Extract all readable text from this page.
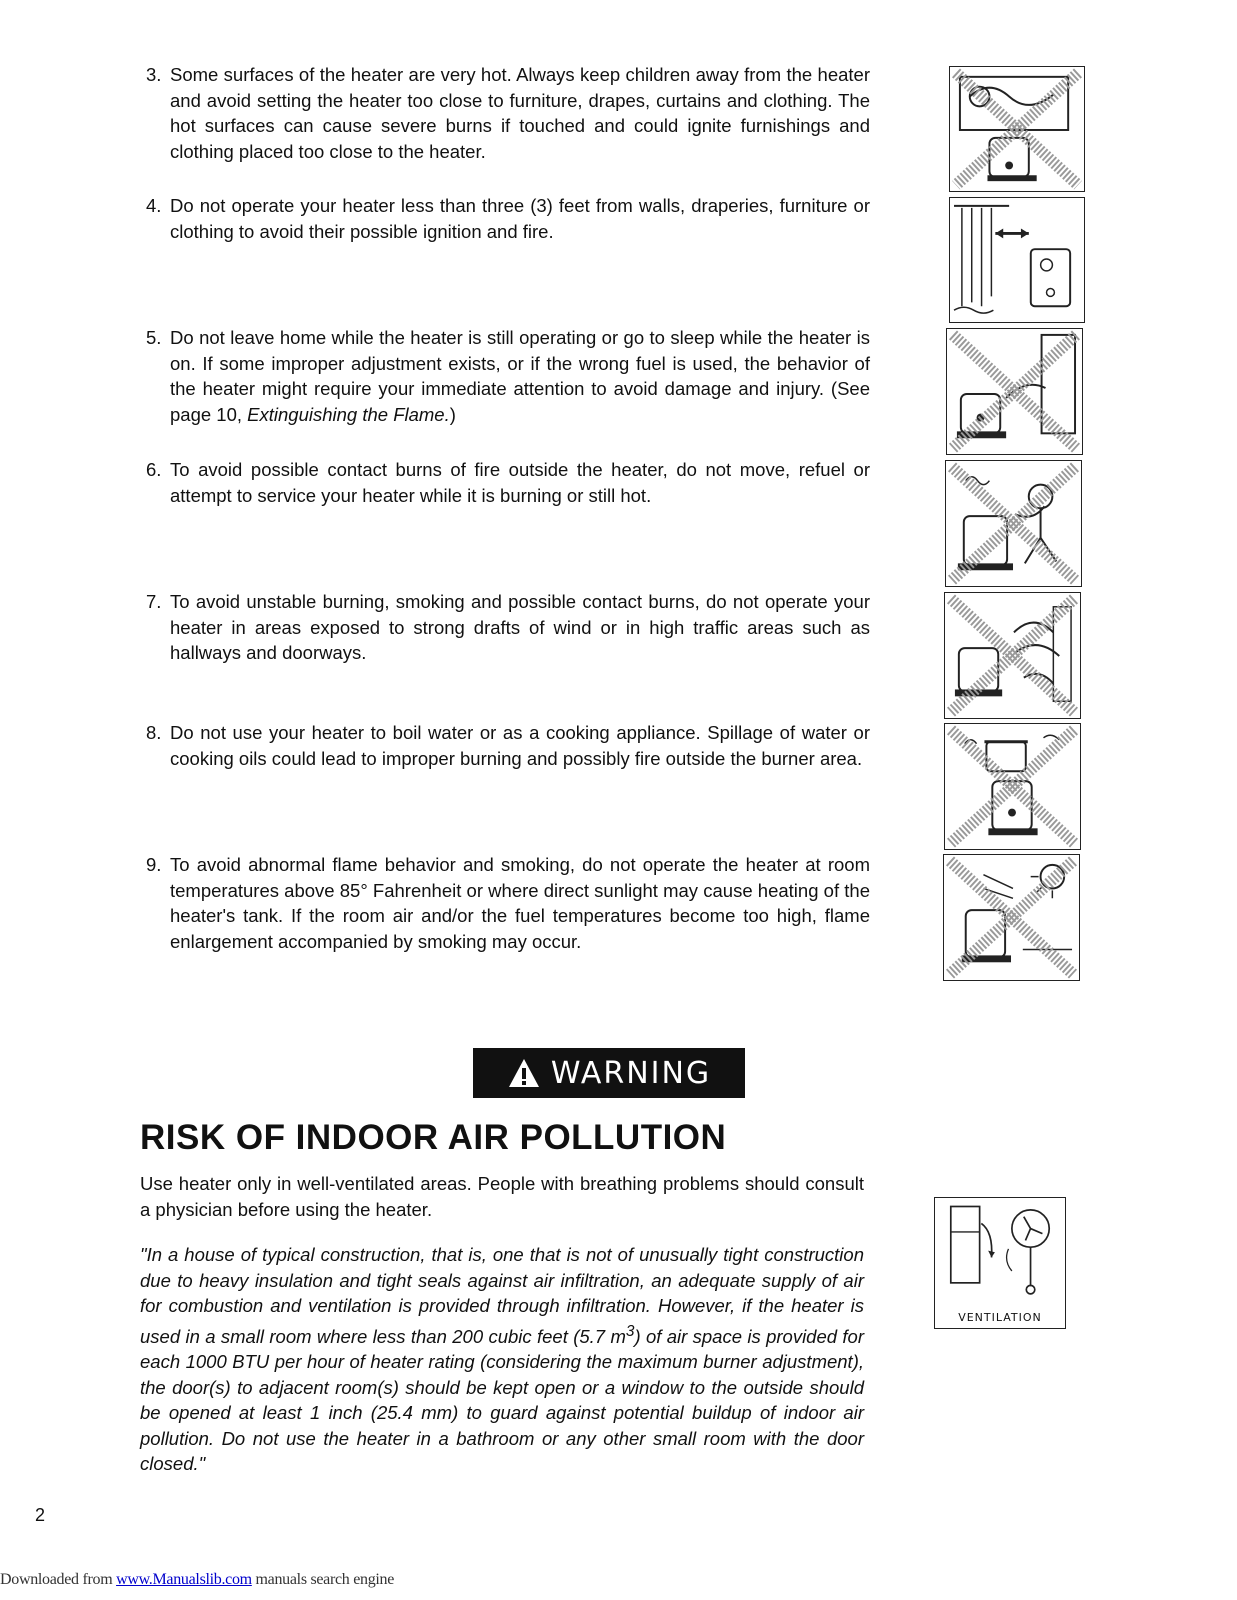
3. Some surfaces of the heater are very hot. Always keep children away from the heater and avoid setting the heater too close to furniture, drapes, curtains and clothing. The hot surfaces can cause severe burns if touched and could ignite furnishings and clothing placed too close to the heater.
4. Do not operate your heater less than three (3) feet from walls, draperies, furniture or clothing to avoid their possible ignition and fire.
5. Do not leave home while the heater is still operating or go to sleep while the heater is on. If some improper adjustment exists, or if the wrong fuel is used, the behavior of the heater might require your immediate attention to avoid damage and injury. (See page 10, Extinguishing the Flame.)
6. To avoid possible contact burns of fire outside the heater, do not move, refuel or attempt to service your heater while it is burning or still hot.
7. To avoid unstable burning, smoking and possible contact burns, do not operate your heater in areas exposed to strong drafts of wind or in high traffic areas such as hallways and doorways.
8. Do not use your heater to boil water or as a cooking appliance. Spillage of water or cooking oils could lead to improper burning and possibly fire outside the burner area.
9. To avoid abnormal flame behavior and smoking, do not operate the heater at room temperatures above 85° Fahrenheit or where direct sunlight may cause heating of the heater's tank. If the room air and/or the fuel temperatures become too high, flame enlargement accompanied by smoking may occur.
WARNING
RISK OF INDOOR AIR POLLUTION
Use heater only in well-ventilated areas. People with breathing problems should consult a physician before using the heater.
"In a house of typical construction, that is, one that is not of unusually tight construction due to heavy insulation and tight seals against air infiltration, an adequate supply of air for combustion and ventilation is provided through infiltration. However, if the heater is used in a small room where less than 200 cubic feet (5.7 $m^3$) of air space is provided for each 1000 BTU per hour of heater rating (considering the maximum burner adjustment), the door(s) to adjacent room(s) should be kept open or a window to the outside should be opened at least 1 inch (25.4 mm) to guard against potential buildup of indoor air pollution. Do not use the heater in a bathroom or any other small room with the door closed."
VENTILATION
2
Downloaded from www.Manualslib.com manuals search engine
